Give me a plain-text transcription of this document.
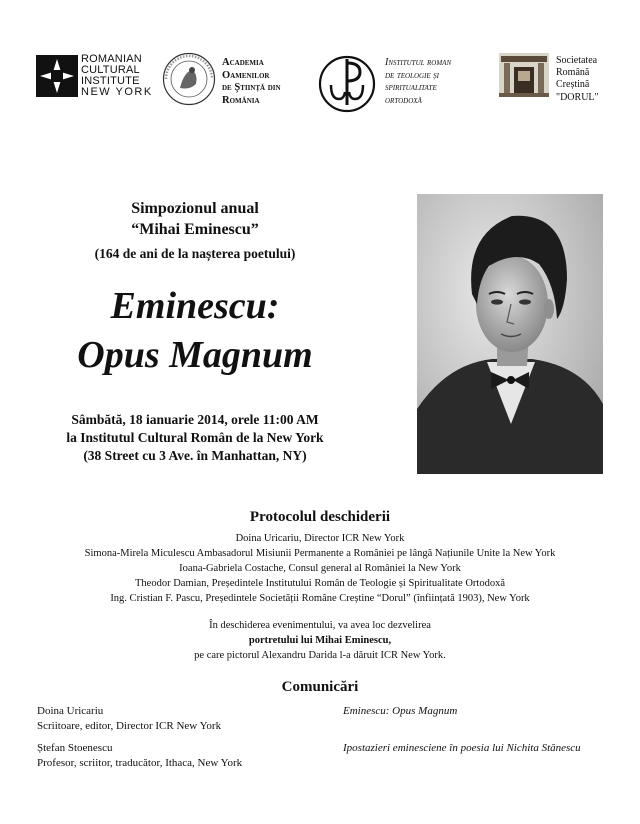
ROMANIAN
CULTURAL
INSTITUTE
NEW YORK
Academia
Oamenilor
de Știință din
România
Institutul roman
de teologie și
spiritualitate
ortodoxă
Societatea
Română
Creștină
"DORUL"
Simpozionul anual
“Mihai Eminescu”
(164 de ani de la nașterea poetului)
Eminescu:
Opus Magnum
Sâmbătă, 18 ianuarie 2014, orele 11:00 AM
la Institutul Cultural Român de la New York
(38 Street cu 3 Ave. în Manhattan, NY)
Protocolul deschiderii
Doina Uricariu, Director ICR New York
Simona-Mirela Miculescu Ambasadorul Misiunii Permanente a României pe lângă Națiunile Unite la New York
Ioana-Gabriela Costache, Consul general al României la New York
Theodor Damian, Președintele Institutului Român de Teologie și Spiritualitate Ortodoxă
Ing. Cristian F. Pascu, Președintele Societății Române Creștine “Dorul” (înființată 1903), New York
În deschiderea evenimentului, va avea loc dezvelirea
portretului lui Mihai Eminescu,
pe care pictorul Alexandru Darida l-a dăruit ICR New York.
Comunicări
Doina Uricariu
Scriitoare, editor, Director ICR New York
Eminescu: Opus Magnum
Ștefan Stoenescu
Profesor, scriitor, traducător, Ithaca, New York
Ipostazieri eminesciene în poesia lui Nichita Stănescu
